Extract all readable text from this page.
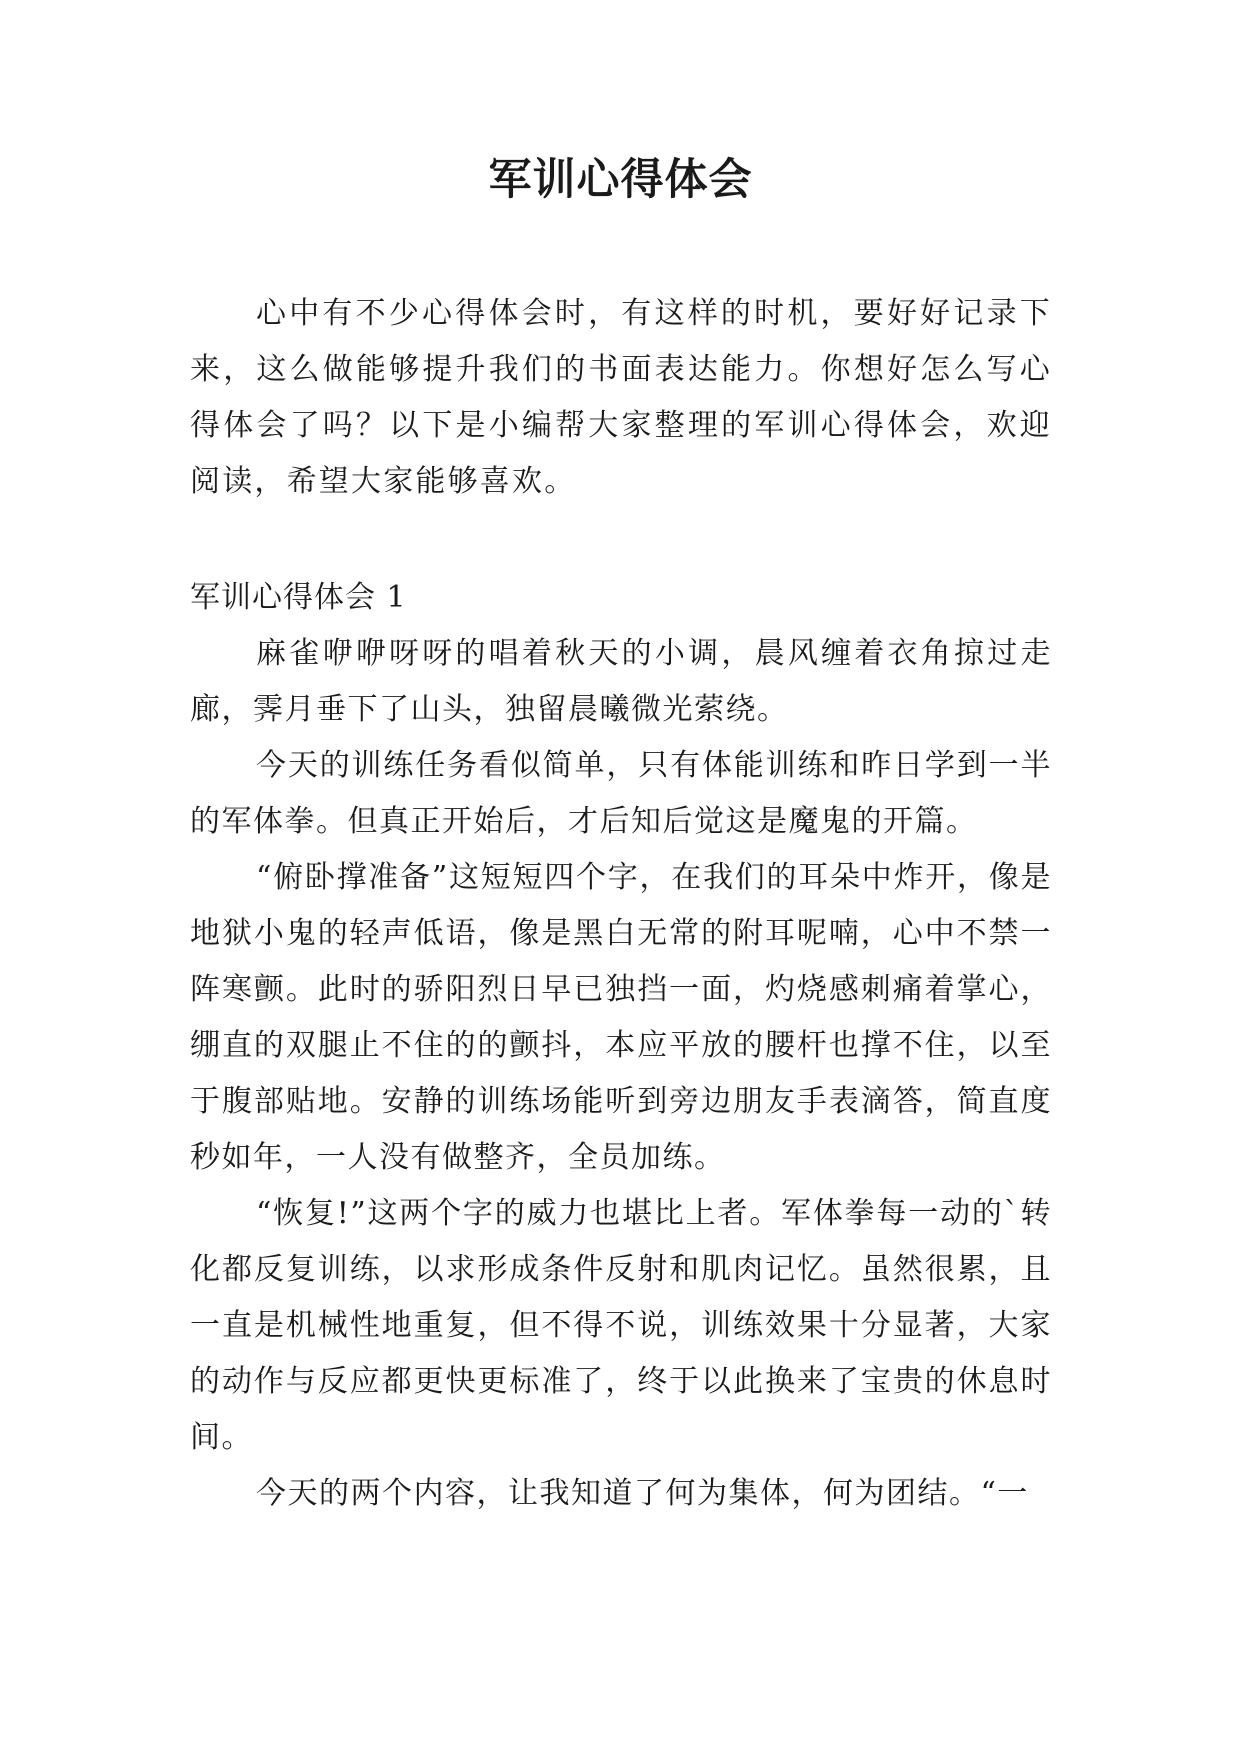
军训心得体会

心中有不少心得体会时，有这样的时机，要好好记录下来，这么做能够提升我们的书面表达能力。你想好怎么写心得体会了吗？以下是小编帮大家整理的军训心得体会，欢迎阅读，希望大家能够喜欢。

军训心得体会 1

麻雀咿咿呀呀的唱着秋天的小调，晨风缠着衣角掠过走廊，霁月垂下了山头，独留晨曦微光萦绕。

今天的训练任务看似简单，只有体能训练和昨日学到一半的军体拳。但真正开始后，才后知后觉这是魔鬼的开篇。

“俯卧撑准备”这短短四个字，在我们的耳朵中炸开，像是地狱小鬼的轻声低语，像是黑白无常的附耳呢喃，心中不禁一阵寒颤。此时的骄阳烈日早已独挡一面，灼烧感刺痛着掌心，绷直的双腿止不住的的颤抖，本应平放的腰杆也撑不住，以至于腹部贴地。安静的训练场能听到旁边朋友手表滴答，简直度秒如年，一人没有做整齐，全员加练。

“恢复!”这两个字的威力也堪比上者。军体拳每一动的`转化都反复训练，以求形成条件反射和肌肉记忆。虽然很累，且一直是机械性地重复，但不得不说，训练效果十分显著，大家的动作与反应都更快更标准了，终于以此换来了宝贵的休息时间。

今天的两个内容，让我知道了何为集体，何为团结。“一
